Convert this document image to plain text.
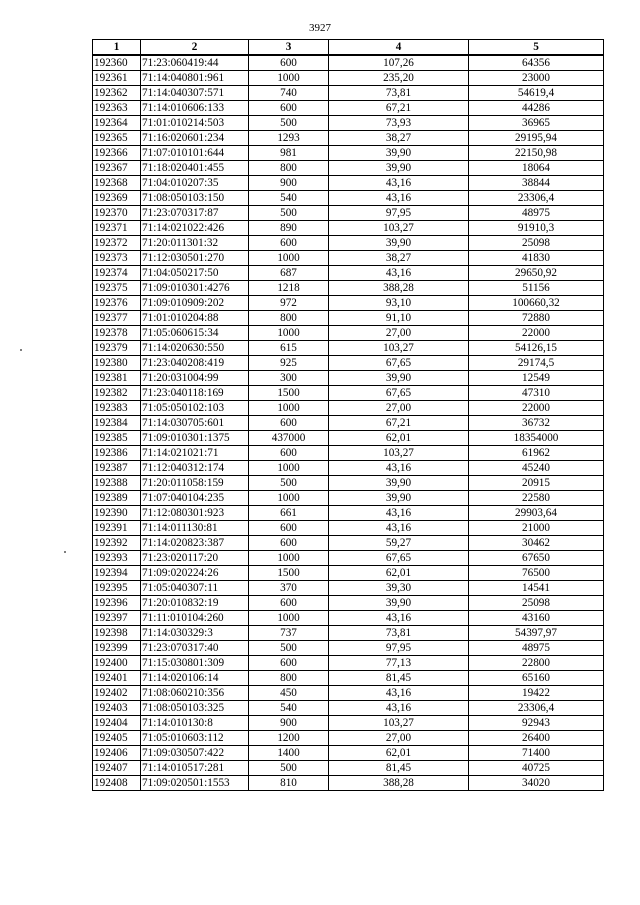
3927
1	2	3	4	5
192360	71:23:060419:44	600	107,26	64356
192361	71:14:040801:961	1000	235,20	23000
192362	71:14:040307:571	740	73,81	54619,4
192363	71:14:010606:133	600	67,21	44286
192364	71:01:010214:503	500	73,93	36965
192365	71:16:020601:234	1293	38,27	29195,94
192366	71:07:010101:644	981	39,90	22150,98
192367	71:18:020401:455	800	39,90	18064
192368	71:04:010207:35	900	43,16	38844
192369	71:08:050103:150	540	43,16	23306,4
192370	71:23:070317:87	500	97,95	48975
192371	71:14:021022:426	890	103,27	91910,3
192372	71:20:011301:32	600	39,90	25098
192373	71:12:030501:270	1000	38,27	41830
192374	71:04:050217:50	687	43,16	29650,92
192375	71:09:010301:4276	1218	388,28	51156
192376	71:09:010909:202	972	93,10	100660,32
192377	71:01:010204:88	800	91,10	72880
192378	71:05:060615:34	1000	27,00	22000
192379	71:14:020630:550	615	103,27	54126,15
192380	71:23:040208:419	925	67,65	29174,5
192381	71:20:031004:99	300	39,90	12549
192382	71:23:040118:169	1500	67,65	47310
192383	71:05:050102:103	1000	27,00	22000
192384	71:14:030705:601	600	67,21	36732
192385	71:09:010301:1375	437000	62,01	18354000
192386	71:14:021021:71	600	103,27	61962
192387	71:12:040312:174	1000	43,16	45240
192388	71:20:011058:159	500	39,90	20915
192389	71:07:040104:235	1000	39,90	22580
192390	71:12:080301:923	661	43,16	29903,64
192391	71:14:011130:81	600	43,16	21000
192392	71:14:020823:387	600	59,27	30462
192393	71:23:020117:20	1000	67,65	67650
192394	71:09:020224:26	1500	62,01	76500
192395	71:05:040307:11	370	39,30	14541
192396	71:20:010832:19	600	39,90	25098
192397	71:11:010104:260	1000	43,16	43160
192398	71:14:030329:3	737	73,81	54397,97
192399	71:23:070317:40	500	97,95	48975
192400	71:15:030801:309	600	77,13	22800
192401	71:14:020106:14	800	81,45	65160
192402	71:08:060210:356	450	43,16	19422
192403	71:08:050103:325	540	43,16	23306,4
192404	71:14:010130:8	900	103,27	92943
192405	71:05:010603:112	1200	27,00	26400
192406	71:09:030507:422	1400	62,01	71400
192407	71:14:010517:281	500	81,45	40725
192408	71:09:020501:1553	810	388,28	34020
